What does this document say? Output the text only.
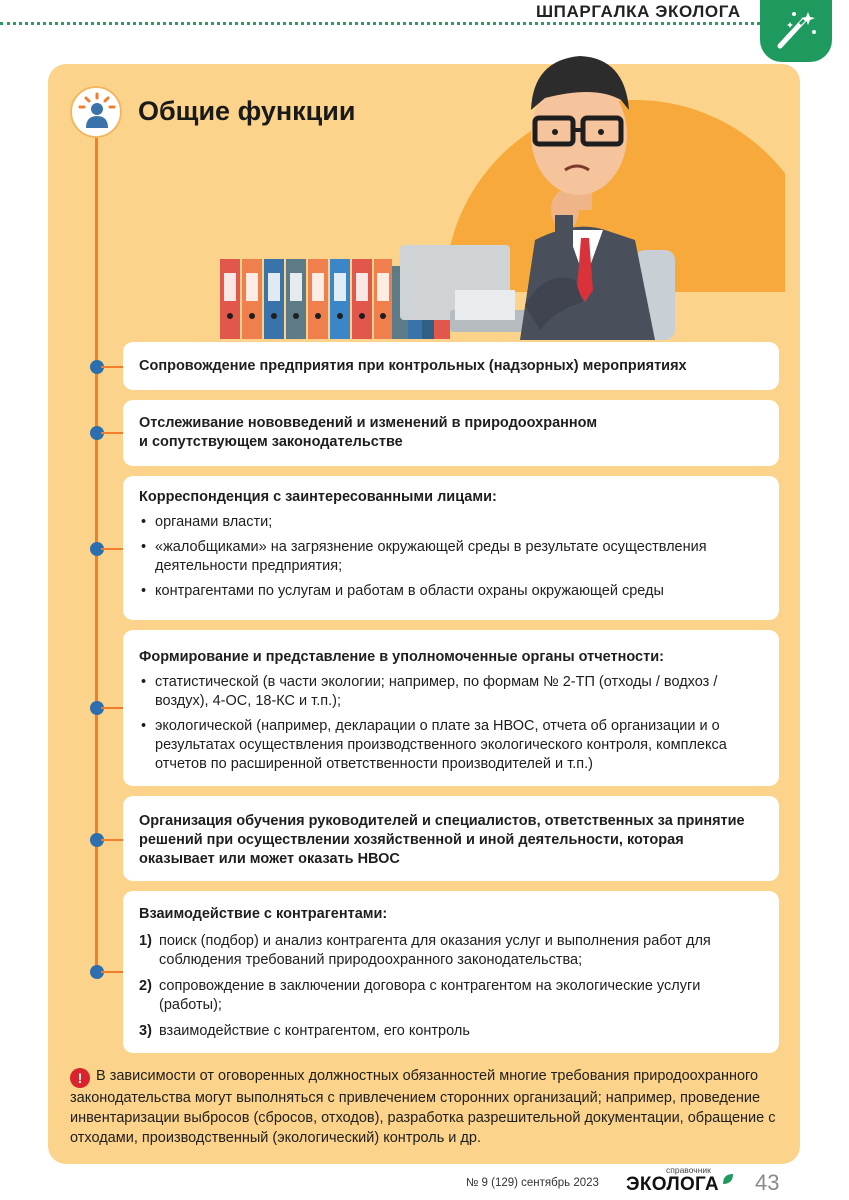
ШПАРГАЛКА ЭКОЛОГА
Общие функции
Сопровождение предприятия при контрольных (надзорных) мероприятиях
Отслеживание нововведений и изменений в природоохранном
и сопутствующем законодательстве
Корреспонденция с заинтересованными лицами:
• органами власти;
• «жалобщиками» на загрязнение окружающей среды в результате осуществления деятельности предприятия;
• контрагентами по услугам и работам в области охраны окружающей среды
Формирование и представление в уполномоченные органы отчетности:
• статистической (в части экологии; например, по формам № 2-ТП (отходы / водхоз / воздух), 4-ОС, 18-КС и т.п.);
• экологической (например, декларации о плате за НВОС, отчета об организации и о результатах осуществления производственного экологического контроля, комплекса отчетов по расширенной ответственности производителей и т.п.)
Организация обучения руководителей и специалистов, ответственных за принятие решений при осуществлении хозяйственной и иной деятельности, которая оказывает или может оказать НВОС
Взаимодействие с контрагентами:
1) поиск (подбор) и анализ контрагента для оказания услуг и выполнения работ для соблюдения требований природоохранного законодательства;
2) сопровождение в заключении договора с контрагентом на экологические услуги (работы);
3) взаимодействие с контрагентом, его контроль
! В зависимости от оговоренных должностных обязанностей многие требования природоохранного законодательства могут выполняться с привлечением сторонних организаций; например, проведение инвентаризации выбросов (сбросов, отходов), разработка разрешительной документации, обращение с отходами, производственный (экологический) контроль и др.
№ 9 (129) сентябрь 2023
справочник
ЭКОЛОГА 43
